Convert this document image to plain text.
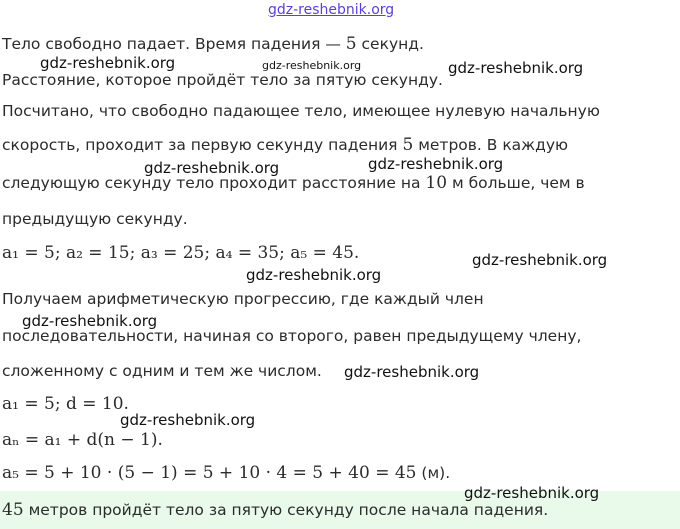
Тело свободно падает. Время падения — 5 секунд.
Расстояние, которое пройдёт тело за пятую секунду.
Посчитано, что свободно падающее тело, имеющее нулевую начальную
скорость, проходит за первую секунду падения 5 метров. В каждую
следующую секунду тело проходит расстояние на 10 м больше, чем в
предыдущую секунду.
a₁ = 5; a₂ = 15; a₃ = 25; a₄ = 35; a₅ = 45.
Получаем арифметическую прогрессию, где каждый член
последовательности, начиная со второго, равен предыдущему члену,
сложенному с одним и тем же числом.
a₁ = 5; d = 10.
aₙ = a₁ + d(n − 1).
a₅ = 5 + 10 · (5 − 1) = 5 + 10 · 4 = 5 + 40 = 45 (м).
45 метров пройдёт тело за пятую секунду после начала падения.
gdz-reshebnik.org
gdz-reshebnik.org	gdz-reshebnik.org	gdz-reshebnik.org
gdz-reshebnik.org	gdz-reshebnik.org
gdz-reshebnik.org
gdz-reshebnik.org
gdz-reshebnik.org
gdz-reshebnik.org
gdz-reshebnik.org
gdz-reshebnik.org
